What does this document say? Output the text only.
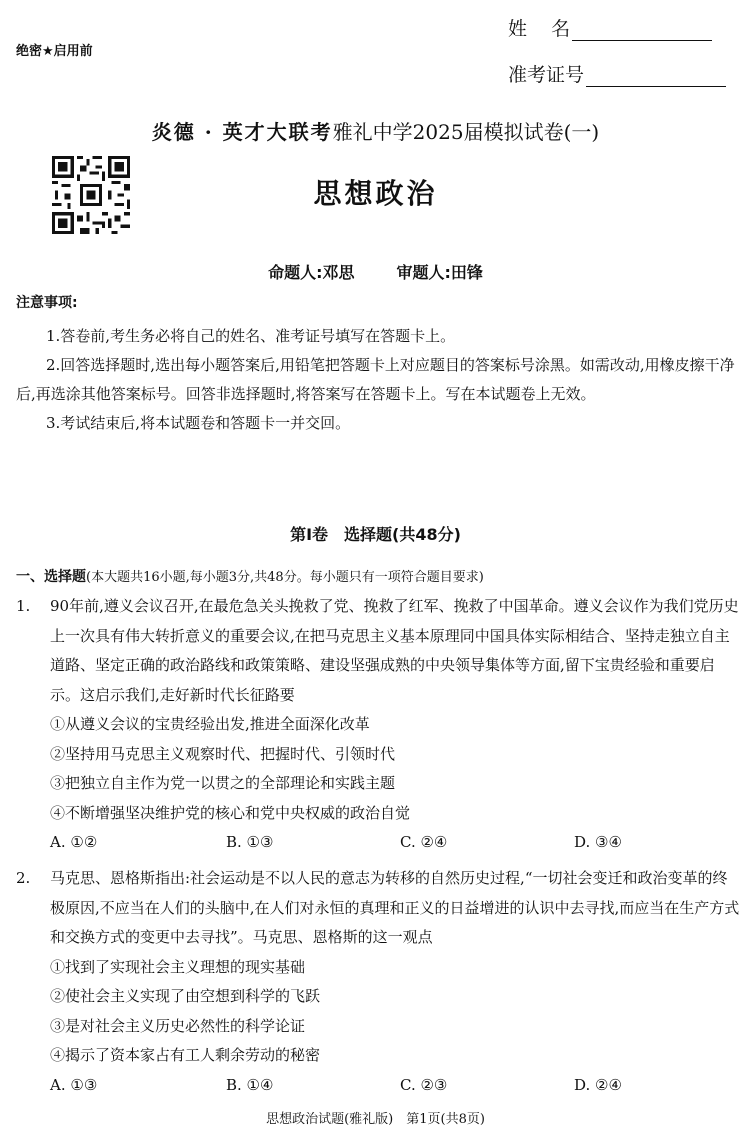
绝密★启用前
姓    名
准考证号
炎德 · 英才大联考雅礼中学2025届模拟试卷(一)
思想政治
命题人:邓思	审题人:田锋
注意事项:
1.答卷前,考生务必将自己的姓名、准考证号填写在答题卡上。
2.回答选择题时,选出每小题答案后,用铅笔把答题卡上对应题目的答案标号涂黑。如需改动,用橡皮擦干净后,再选涂其他答案标号。回答非选择题时,将答案写在答题卡上。写在本试题卷上无效。
3.考试结束后,将本试题卷和答题卡一并交回。
第Ⅰ卷　选择题(共48分)
一、选择题(本大题共16小题,每小题3分,共48分。每小题只有一项符合题目要求)
1. 90年前,遵义会议召开,在最危急关头挽救了党、挽救了红军、挽救了中国革命。遵义会议作为我们党历史上一次具有伟大转折意义的重要会议,在把马克思主义基本原理同中国具体实际相结合、坚持走独立自主道路、坚定正确的政治路线和政策策略、建设坚强成熟的中央领导集体等方面,留下宝贵经验和重要启示。这启示我们,走好新时代长征路要
①从遵义会议的宝贵经验出发,推进全面深化改革
②坚持用马克思主义观察时代、把握时代、引领时代
③把独立自主作为党一以贯之的全部理论和实践主题
④不断增强坚决维护党的核心和党中央权威的政治自觉
A. ①②	B. ①③	C. ②④	D. ③④
2. 马克思、恩格斯指出:社会运动是不以人民的意志为转移的自然历史过程,“一切社会变迁和政治变革的终极原因,不应当在人们的头脑中,在人们对永恒的真理和正义的日益增进的认识中去寻找,而应当在生产方式和交换方式的变更中去寻找”。马克思、恩格斯的这一观点
①找到了实现社会主义理想的现实基础
②使社会主义实现了由空想到科学的飞跃
③是对社会主义历史必然性的科学论证
④揭示了资本家占有工人剩余劳动的秘密
A. ①③	B. ①④	C. ②③	D. ②④
思想政治试题(雅礼版)　第1页(共8页)
